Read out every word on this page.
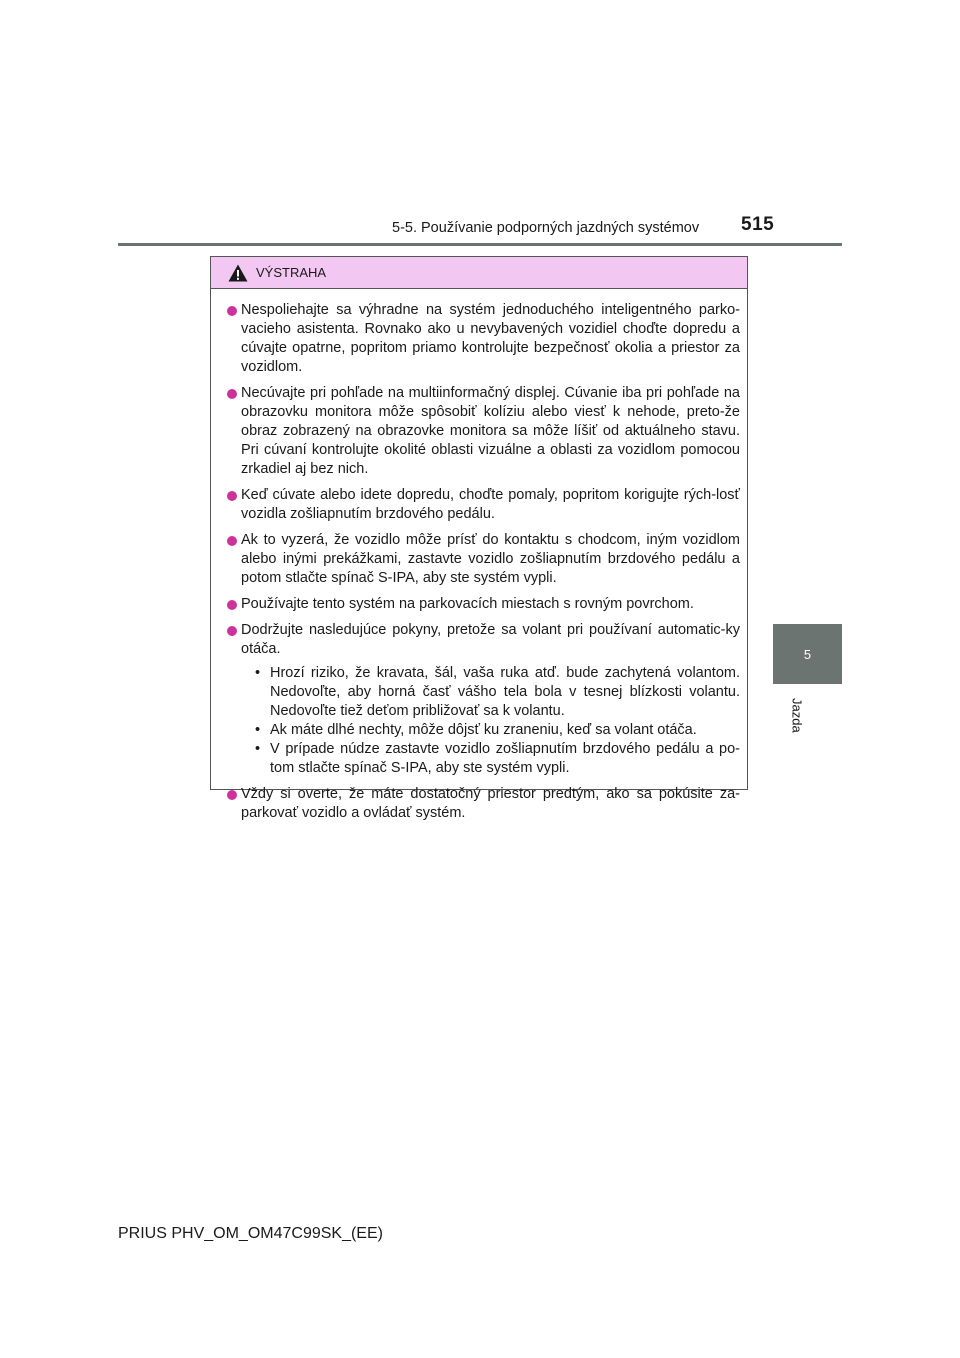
5-5. Používanie podporných jazdných systémov 515
5
Jazda
VÝSTRAHA
Nespoliehajte sa výhradne na systém jednoduchého inteligentného parko-vacieho asistenta. Rovnako ako u nevybavených vozidiel choďte dopredu a cúvajte opatrne, popritom priamo kontrolujte bezpečnosť okolia a priestor za vozidlom.
Necúvajte pri pohľade na multiinformačný displej. Cúvanie iba pri pohľade na obrazovku monitora môže spôsobiť kolíziu alebo viesť k nehode, preto-že obraz zobrazený na obrazovke monitora sa môže líšiť od aktuálneho stavu. Pri cúvaní kontrolujte okolité oblasti vizuálne a oblasti za vozidlom pomocou zrkadiel aj bez nich.
Keď cúvate alebo idete dopredu, choďte pomaly, popritom korigujte rých-losť vozidla zošliapnutím brzdového pedálu.
Ak to vyzerá, že vozidlo môže prísť do kontaktu s chodcom, iným vozidlom alebo inými prekážkami, zastavte vozidlo zošliapnutím brzdového pedálu a potom stlačte spínač S-IPA, aby ste systém vypli.
Používajte tento systém na parkovacích miestach s rovným povrchom.
Dodržujte nasledujúce pokyny, pretože sa volant pri používaní automatic-ky otáča.
• Hrozí riziko, že kravata, šál, vaša ruka atď. bude zachytená volantom. Nedovoľte, aby horná časť vášho tela bola v tesnej blízkosti volantu. Nedovoľte tiež deťom približovať sa k volantu.
• Ak máte dlhé nechty, môže dôjsť ku zraneniu, keď sa volant otáča.
• V prípade núdze zastavte vozidlo zošliapnutím brzdového pedálu a po-tom stlačte spínač S-IPA, aby ste systém vypli.
Vždy si overte, že máte dostatočný priestor predtým, ako sa pokúsite za-parkovať vozidlo a ovládať systém.
PRIUS PHV_OM_OM47C99SK_(EE)
